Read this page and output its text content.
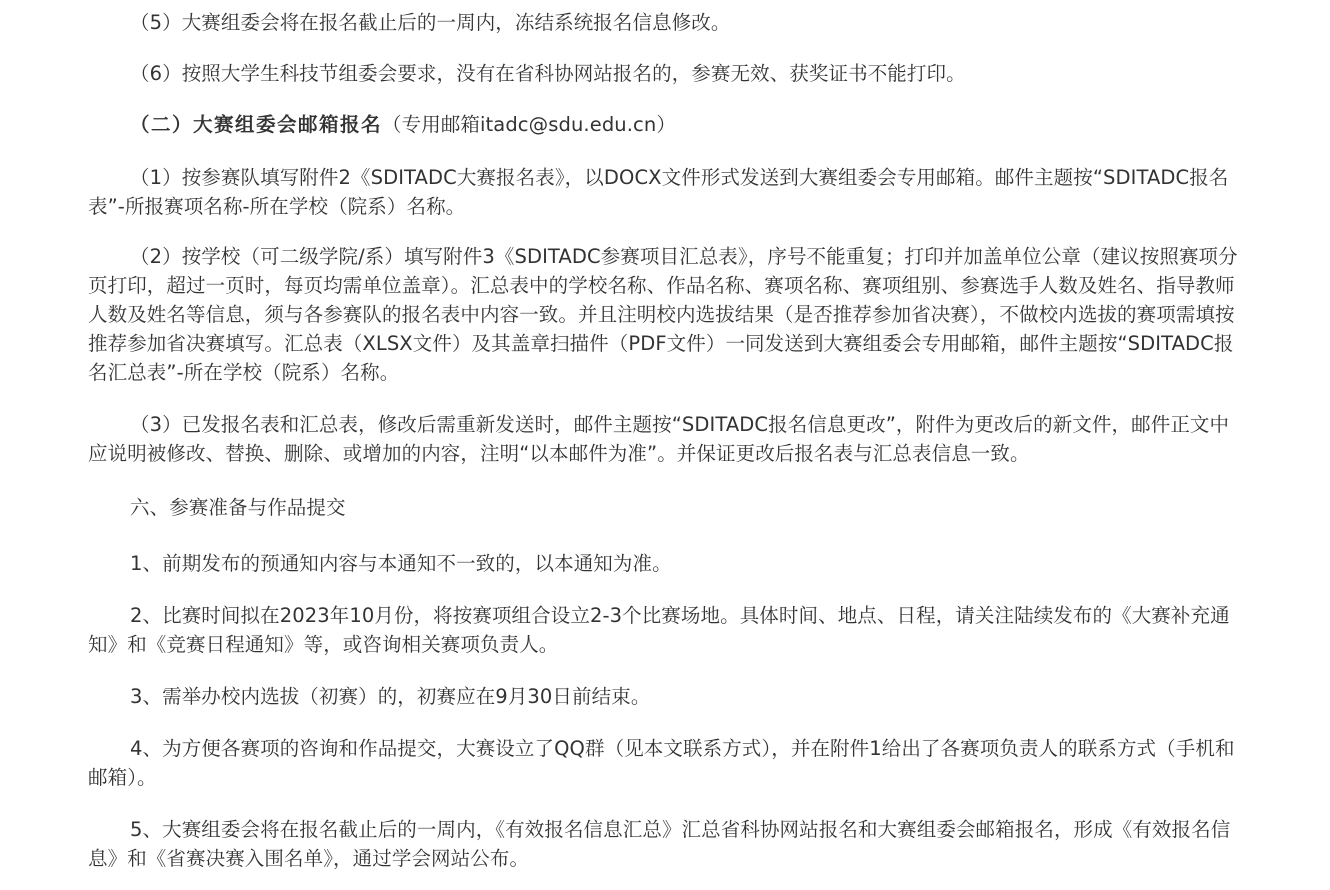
（5）大赛组委会将在报名截止后的一周内，冻结系统报名信息修改。

（6）按照大学生科技节组委会要求，没有在省科协网站报名的，参赛无效、获奖证书不能打印。

（二）大赛组委会邮箱报名（专用邮箱itadc@sdu.edu.cn）

（1）按参赛队填写附件2《SDITADC大赛报名表》，以DOCX文件形式发送到大赛组委会专用邮箱。邮件主题按“SDITADC报名表”-所报赛项名称-所在学校（院系）名称。

（2）按学校（可二级学院/系）填写附件3《SDITADC参赛项目汇总表》，序号不能重复；打印并加盖单位公章（建议按照赛项分页打印，超过一页时，每页均需单位盖章）。汇总表中的学校名称、作品名称、赛项名称、赛项组别、参赛选手人数及姓名、指导教师人数及姓名等信息，须与各参赛队的报名表中内容一致。并且注明校内选拔结果（是否推荐参加省决赛），不做校内选拔的赛项需填按推荐参加省决赛填写。汇总表（XLSX文件）及其盖章扫描件（PDF文件）一同发送到大赛组委会专用邮箱，邮件主题按“SDITADC报名汇总表”-所在学校（院系）名称。

（3）已发报名表和汇总表，修改后需重新发送时，邮件主题按“SDITADC报名信息更改”，附件为更改后的新文件，邮件正文中应说明被修改、替换、删除、或增加的内容，注明“以本邮件为准”。并保证更改后报名表与汇总表信息一致。

六、参赛准备与作品提交

1、前期发布的预通知内容与本通知不一致的，以本通知为准。

2、比赛时间拟在2023年10月份，将按赛项组合设立2-3个比赛场地。具体时间、地点、日程，请关注陆续发布的《大赛补充通知》和《竞赛日程通知》等，或咨询相关赛项负责人。

3、需举办校内选拔（初赛）的，初赛应在9月30日前结束。

4、为方便各赛项的咨询和作品提交，大赛设立了QQ群（见本文联系方式），并在附件1给出了各赛项负责人的联系方式（手机和邮箱）。

5、大赛组委会将在报名截止后的一周内，《有效报名信息汇总》汇总省科协网站报名和大赛组委会邮箱报名，形成《有效报名信息》和《省赛决赛入围名单》，通过学会网站公布。
